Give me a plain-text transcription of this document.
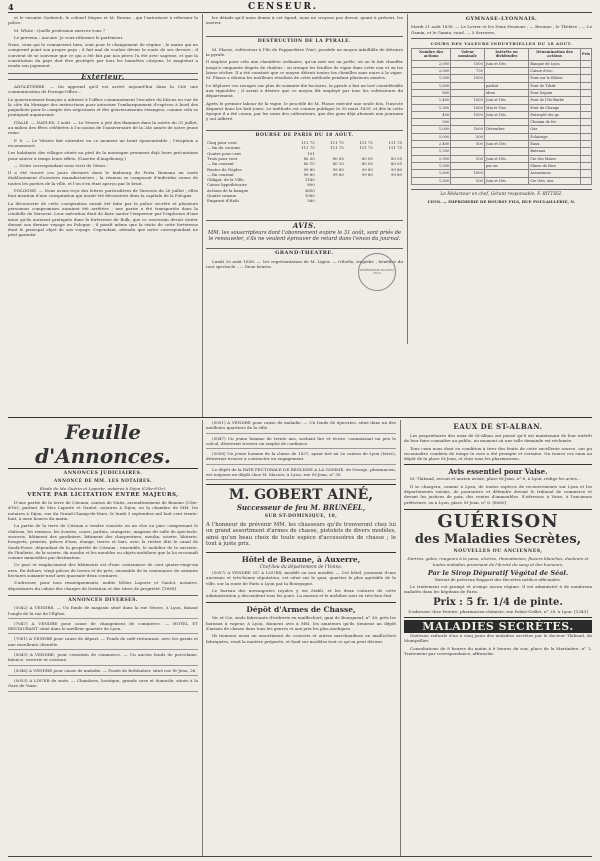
4	CENSEUR.

et le vicomte Goderich, le colonel Mayne et M. Rowan , qui l'autorisent à réformer la police.

M. White : Quelle profession exercez-vous ?

Le prévenu : Aucune. Je veux réformer le parlement.

Nous, ceux qui le connaissent bien, sont pour le changement de régime ; le maire qui ne comprend point son propre pays ; il fait mal de vouloir dévier la route de ses devoirs ; il convient de se souvenir que ce qui a été fait par nos pères l'a été avec sagesse, et que la constitution du pays doit être protégée par tous les honnêtes citoyens, le magistrat a rendu son jugement.

Extérieur.

ANGLETERRE. — On apprend qu'il est arrivé aujourd'hui dans la Cité une communication du Foreign-Office...

Le gouvernement français a adressé à l'office communément l'escadre du blocus en vue de la côte du Mexique des instructions pour autoriser l'embarquement d'espèces à bord des paquebots pour le compte des négociants et des gouvernements étrangers, comme cela se pratiquait auparavant.

ITALIE. — NAPLES, 3 août. — Le Vésuve a jeté des flammes dans la soirée du 31 juillet, au milieu des fêtes célébrées à l'occasion de l'anniversaire de la 24e année de notre jeune reine.

P. S. — Le Vésuve fait entendre en ce moment un bruit épouvantable ; l'éruption a recommencé.

Les habitants des villages situés au pied de la montagne prennent déjà leurs précautions pour sauver à temps leurs effets. (Gazette d'Augsbourg.)

— Notre correspondant nous écrit de Gènes :

Il a été trouvé ces jours derniers dans le faubourg de Porta Romana un vaste établissement d'ouvriers manufacturiers ; la réunion se composait d'individus venus de toutes les parties de la ville, et l'on s'en était aperçu par le bruit.

POLOGNE. — Nous avons reçu des lettres particulières de Varsovie du 26 juillet ; elles font mention d'une conspiration qui aurait été découverte dans la capitale de la Pologne.

La découverte de cette conspiration aurait été faite par la police secrète et plusieurs personnes compromises auraient été arrêtées ; une partie a été transportée dans la citadelle de Varsovie. Leur exécution était de faire sauter l'empereur par l'explosion d'une mine qu'ils auraient pratiquée dans la forteresse de Bolk, que ce souverain devait visiter durant son dernier voyage en Pologne ; il paraît même que la visite de cette forteresse était le principal objet de son voyage. Cependant, attendu que notre correspondant ne peut garantir

les détails qu'il nous donne à cet égard, nous ne croyons pas devoir, quant à présent, les insérer.

DESTRUCTION DE LA PYRALE.

M. Plasse, cultivateur à l'Ile de Pappardière (Var), possède un moyen infaillible de détruire la pyrale.

Il emploie pour cela une chaudière ordinaire, qu'on met sur un poêle, où on le fait chauffer jusqu'à cinquante degrés de chaleur ; on trempe les feuilles de vigne dans cette eau et on les laisse sécher. Il a été constaté que ce moyen détruit toutes les chenilles sans nuire à la vigne. M. Plasse a obtenu les meilleurs résultats de cette méthode pendant plusieurs années.

Le déplorer ces ravages sur plus de soixante-dix hectares, la pyrale a fait un tort considérable aux vignobles ; il serait à désirer que ce moyen fût employé par tous les cultivateurs du département.

Après le premier labour de la vigne, le procédé de M. Plasse exécuté une seule fois, l'insecte disparut dans les huit jours. Le méthode est connue publique le 30 mars 1839, et dès la cette époque il a été connu, par les soins des cultivateurs, que des gens déjà abonnés aux journaux y ont adhéré.

BOURSE DE PARIS DU 18 AOUT.
Cinq pour cent.	111 75	111 75	111 75	111 75
— fin du courant.	111 75	111 75	111 75	111 75
Quatre pour cent	101			
Trois pour cent	80 35	80 05	80 05	80 05
— fin courant	80 10	80 10	80 05	80 05
Rentes de Naples	99 80	99 80	99 80	99 80
— fin courant	99 80	99 80	99 80	99 80
Obligat. de la Ville	1180			
Caisse hypothécaire	800			
Actions de la banque	3650			
Quatre canaux	1080			
Emprunt d'Haïti	580			
IMPRIMERIE BOURSY FILS
AVIS.
MM. les souscripteurs dont l'abonnement expire le 31 août, sont priés de le renouveler, s'ils ne veulent éprouver de retard dans l'envoi du journal.
GRAND-THEATRE.

Lundi 20 août 1838. — 1re représentation de M. Ligier. — Othello, tragédie ; bénéfice du tout spectacle : — Deux heures.

GYMNASE-LYONNAIS.

Mardi 21 août 1838. — Le Lovrer et les Deux Pensions ; — Brionne ; le Théâtre ; — Le Gamin, et le Gamin, vaud. — 5 Serrures.

COURS DES VALEURS INDUSTRIELLES DU 18 AOUT.
Nombre des actions	Valeur nominale	Intérêts ou dividendes	Dénomination des actions	Prix
2,000	1000	Juin et Déc.	Banque de Lyon	
2,000	750		Caisse d'esc.	
1,500	1000		Pont sur le Rhône	
1,600		parfait	Pont de Tilsitt	
800		idem	Pont Seguin	
1,400	1000	Juin et Déc.	Pont de l'Ile-Barbe	
1,300	1000	Mai et Nov.	Pont du Change	
400	1000	Juin et Déc.	Entrepôt des gr.	
500			Chemin de fer	
1,000	1000	Décembre	Gaz	
5,000	500		Éclairage	
2,400	500	Juin et Déc.	Eaux	
1,500			Bateaux	
2,900	500	Juin et Déc.	Cie des Mines	
1,500		par an	Mines de Rive	
1,600	1000		Assurances	
1,500	500	Juin et Déc.	Cie Gén. Ass.	
Le Rédacteur en chef, Gérant responsable, F. RITTIEZ.
LYON. — IMPRIMERIE DE BOURSY FILS, RUE POULAILLERIE, N.
Feuille d'Annonces.
ANNONCES JUDICIAIRES.
ANNONCÉ DE MM. LES NOTAIRES.

Étude de Me Guérin et Laporte, notaires à Dijon (Côte-d'Or).

VENTE PAR LICITATION ENTRE MAJEURS,

D'une partie de la terre de Citeaux, canton de Nuits, arrondissement de Beaune (Côte-d'Or), parlant de Mes Laporte et Gaulot, notaires à Dijon, en la chambre de MM. les notaires à Dijon, rue du Grand-Champ-de-Mars, le lundi 3 septembre mil huit cent trente-huit, à onze heures du matin.

La partie de la terre de Citeaux à vendre consiste en un clos ou parc comprenant le château, les remises, les écuries, cours, jardins, orangerie, magasin dit salle de spectacle, sucrerie, bâtiment des gardiniers, bâtiment des charpentiers, moulin, scierie, bluterie, bosquets, prairies, pièces d'eau, étangs, terres et bois, avec la rivière dite le canal de Saulx-Fosse, dépendant de la propriété de Citeaux ; ensemble, le mobilier de la sucrerie, de l'huilerie, de la scierie, du moulin et les meubles ou objets mobiliers que la loi reconnaît comme immeubles par destination.

Ce parc et emplacement des bâtiments est d'une contenance de cent quatre-vingt-six ares. En dehors, vingt pièces de terres et de prés, ensemble de la contenance de soixante hectares soixante-neuf ares quarante-deux centiares.

S'adresser, pour tous renseignements, audits MMes Laporte et Gaulot, notaires, dépositaires du cahier des charges de licitation et des titres de propriété. [1688]

ANNONCES DIVERSES.

(5042) A VENDRE. — Un fonds de magasin situé dans la rue Neuve, à Lyon, faisant l'angle de la rue de l'Église.

(7047) A VENDRE pour cause de changement de commerce. — HOTEL ET RESTAURANT situé dans le meilleur quartier de Lyon.

(7061) A VENDRE pour cause de départ. — Fonds de café-restaurant, avec les garnis et une excellente clientèle.

(5043) A VENDRE, pour cessation de commerce. — Un ancien fonds de porcelaine, faïence, verrerie et cristaux.

(5046) A VENDRE pour cause de maladie. — Fonds de ferblantier, situé rue St-Jean, 26.

(5053) A LOUER de suite. — Chambres, boutique, grande cave et domicile, situés à la Gare de Vaise.

(5051) A VENDRE pour cause de maladie. — Un fonds de épiceries, situé dans un des meilleurs quartiers de la ville.

(5047) Un jeune homme de trente ans, sachant lire et écrire, connaissant un peu le calcul, désirerait trouver un emploi de confiance.

(5056) Un jeune homme de la classe de 1837, ayant tiré au 2e canton de Lyon (Isère), désirerait trouver à contracter un engagement.

Le dépôt de la PATE PECTORALE DE RÉGLISSE A LA GOMME, de George, pharmacien, est toujours en dépôt chez M. Macors, à Lyon, rue St-Jean, n° 30.

M. GOBERT AINÉ,
Successeur de feu M. BRUNÉEL,
SUR ST-DOMINIQUE, 10,
A l'honneur de prévenir MM. les chasseurs qu'ils trouveront chez lui un grand assortiment d'armes de chasse, pistolets de divers modèles, ainsi qu'un beau choix de toute espèce d'accessoires de chasse ; le tout à juste prix.
Hôtel de Beaune, à Auxerre,
Chef-lieu du département de l'Yonne.

(5057) A VENDRE OU A LOUER, meublé ou non meublé, — Cet hôtel, jouissant d'une ancienne et très-bonne réputation, est situé sur le quai, quartier le plus agréable de la ville, sur la route de Paris à Lyon par la Bourgogne.

Le bureau des messageries royales y est établi, et les deux voitures de cette administration y descendent tous les jours. La maison et le mobilier sont en très-bon état.

Dépôt d'Armes de Chasse,

Sic et Cie, seuls fabricants d'ordrerie en maillechort, quai de Bourgneuf, n° 38, près les bateaux à vapeur, à Lyon, donnent avis à MM. les amateurs qu'ils tiennent un dépôt d'armes de chasse dans tous les genres et aux prix les plus modiques.

Ils tiennent aussi un assortiment de couverts et autres marchandises en maillechort fabriquées, vend la matière préparée, et fond sur modèles tout ce qu'on peut désirer.

EAUX DE ST-ALBAN.

Les propriétaires des eaux de St-Alban ont pensé qu'il est maintenant de leur intérêt de leur faire connaître au public, au moment où une telle demande est réclamée.

Tous ceux nous dont eu condition à tirer des fruits de cette excellente source, ont pu reconnaître combien de temps la cure a été prompte et certaine. On trouve ces eaux au dépôt de la place St-Jean, et chez tous les pharmaciens.

Avis essentiel pour Vaise.

M. Thibaud, avocat et ancien avoué, place St-Jean, n° 6, à Lyon, rédige les actes...

Il se chargera, comme à Lyon, de toutes espèces de recouvrements sur Lyon et les départements voisins, de poursuivre et défendre devant le tribunal de commerce et devant les justices de paix, des ventes d'immeubles. S'adresser, à Vaise, à l'ancienne préfecture, ou à Lyon, place St-Jean, n° 6. [8060]

GUÉRISON
des Maladies Secrètes,
NOUVELLES OU ANCIENNES,

Dartres, gales, rougeurs à la peau, ulcères, rhumatismes, flueurs blanches, douleurs et toutes maladies provenant de l'âcreté du sang et des humeurs.

Par le Sirop Dépuratif Végétal de Séal.

Extrait de précieux Rapport des Recettes médico-officinales.

Le traitement est prompt et n'exige aucun régime. Il est administré à de nombreux malades dans les hôpitaux de Paris.

Prix : 5 fr. 1/4 de pinte.

S'adresser chez Pereire, pharmacien-chimiste, rue Palais-Grillet, n° 28, à Lyon. [1343]

MALADIES SECRÈTES.

Guérison radicale d'un à cinq jours des maladies secrètes par le docteur Thibaud, de Montpellier.

Consultations de 8 heures du matin à 8 heures du soir, place de la Martinière, n° 2. Traitement par correspondance, affranchir.
